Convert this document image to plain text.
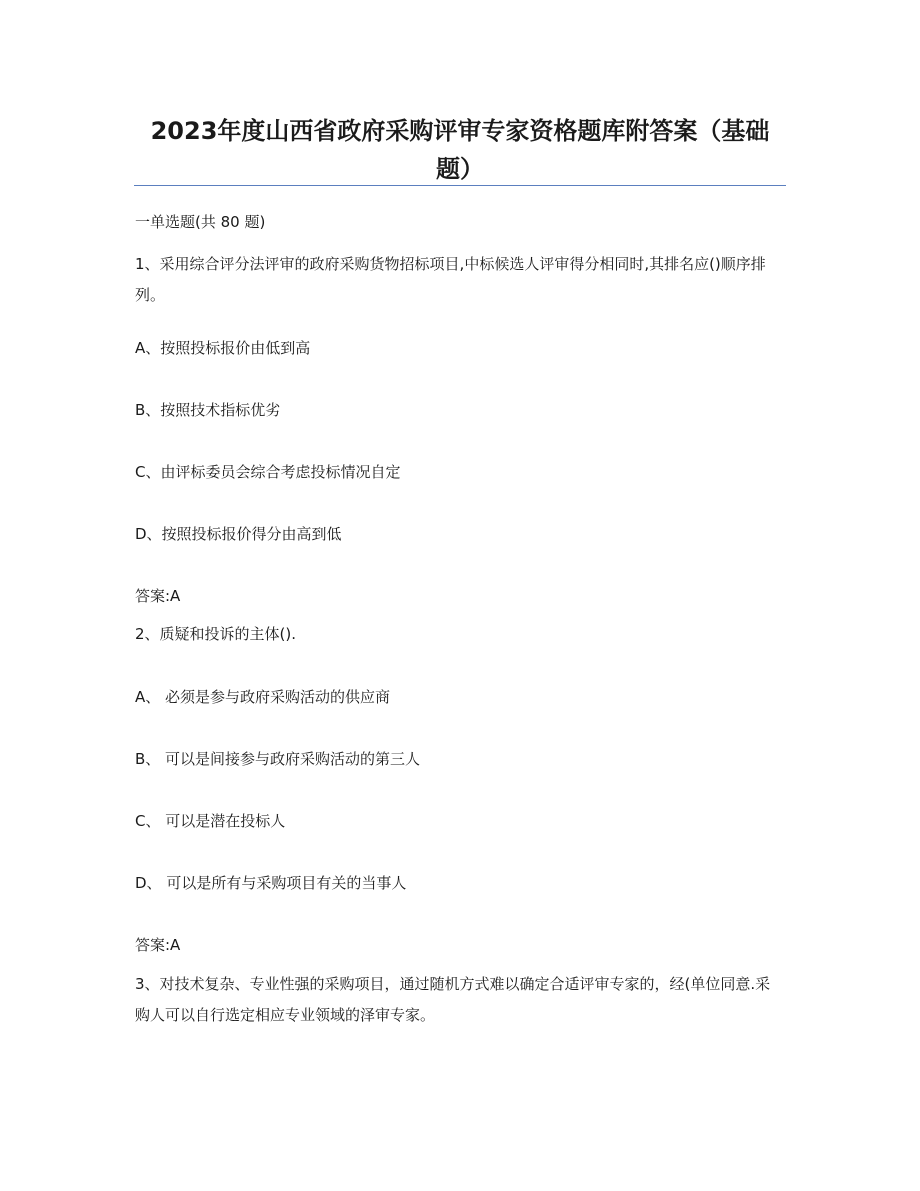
2023年度山西省政府采购评审专家资格题库附答案（基础题）
一单选题(共 80 题)
1、采用综合评分法评审的政府采购货物招标项目,中标候选人评审得分相同时,其排名应()顺序排列。
A、按照投标报价由低到高
B、按照技术指标优劣
C、由评标委员会综合考虑投标情况自定
D、按照投标报价得分由高到低
答案:A
2、质疑和投诉的主体().
A、 必须是参与政府采购活动的供应商
B、 可以是间接参与政府采购活动的第三人
C、 可以是潜在投标人
D、 可以是所有与采购项目有关的当事人
答案:A
3、对技术复杂、专业性强的采购项目，通过随机方式难以确定合适评审专家的，经(单位同意.采购人可以自行选定相应专业领域的泽审专家。
